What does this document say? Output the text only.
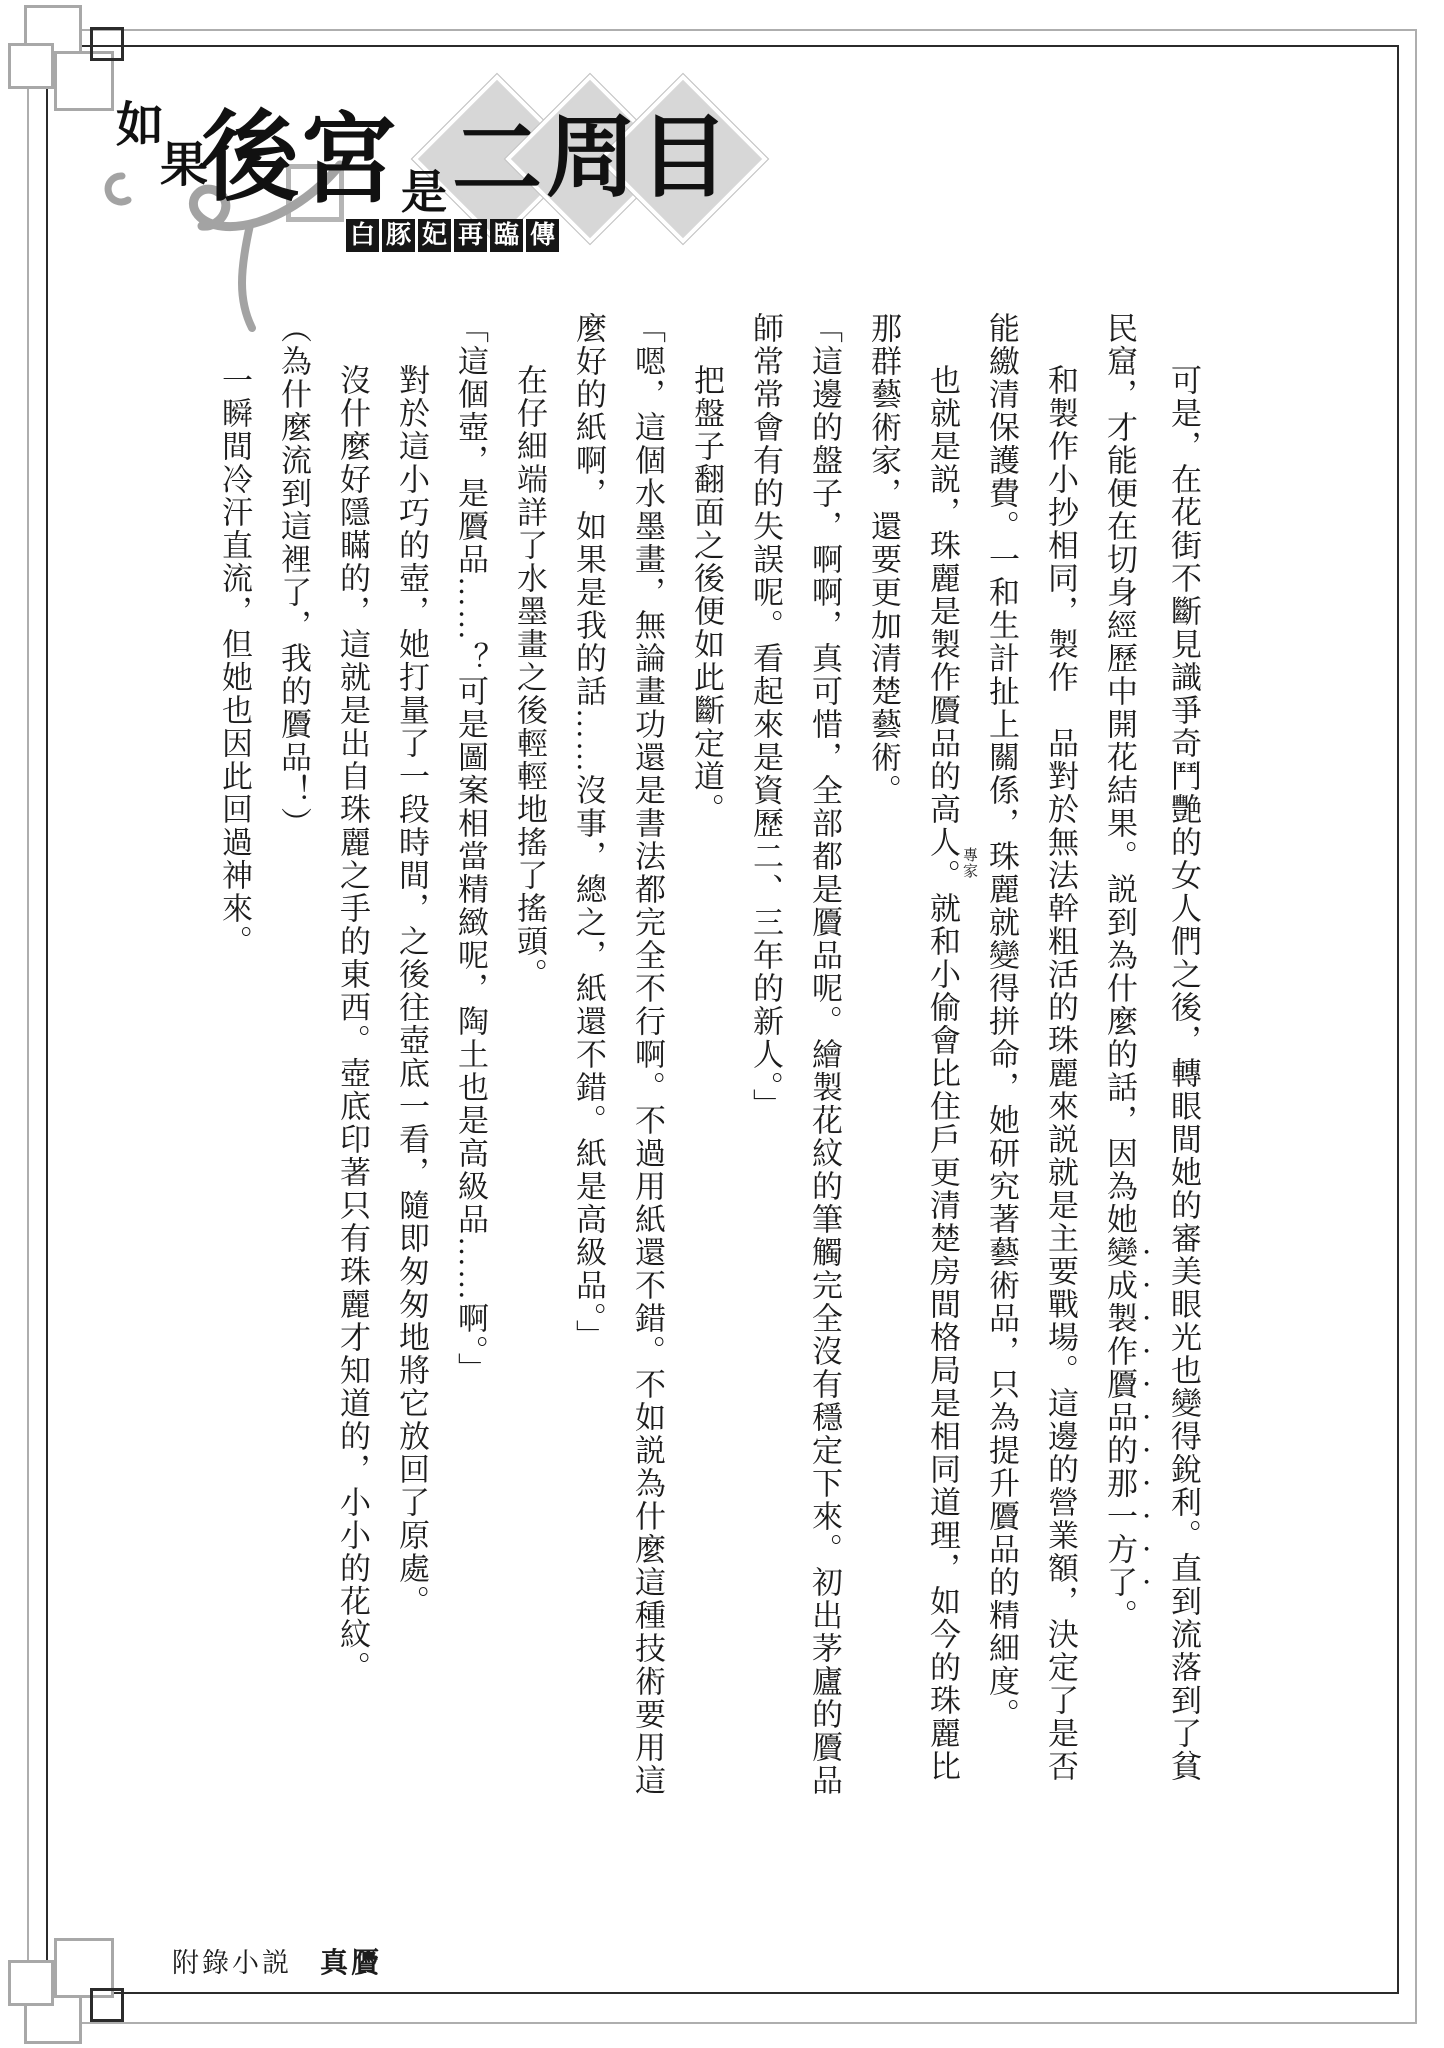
如
果
後 宮 是 二 周 目
白 豚 妃 再 臨 傳

可是，在花街不斷見識爭奇鬥艷的女人們之後，轉眼間她的審美眼光也變得銳利。直到流落到了貧

民窟，才能便在切身經歷中開花結果。説到為什麼的話，因為她變成製作贗品的那一方了。

和製作小抄相同，製作　品對於無法幹粗活的珠麗來説就是主要戰場。這邊的營業額，決定了是否

能繳清保護費。一和生計扯上關係，珠麗就變得拼命，她研究著藝術品，只為提升贗品的精細度。

也就是説，珠麗是製作贗品的高人
專家
。就和小偷會比住戶更清楚房間格局是相同道理，如今的珠麗比

那群藝術家，還要更加清楚藝術。

「這邊的盤子，啊啊，真可惜，全部都是贗品呢。繪製花紋的筆觸完全沒有穩定下來。初出茅廬的贗品

師常常會有的失誤呢。看起來是資歷二、三年的新人。」

把盤子翻面之後便如此斷定道。

「嗯，這個水墨畫，無論畫功還是書法都完全不行啊。不過用紙還不錯。不如説為什麼這種技術要用這

麼好的紙啊，如果是我的話……沒事，總之，紙還不錯。紙是高級品。」

在仔細端詳了水墨畫之後輕輕地搖了搖頭。

「這個壺，是贗品……？可是圖案相當精緻呢，陶土也是高級品……啊。」

對於這小巧的壺，她打量了一段時間，之後往壺底一看，隨即匆匆地將它放回了原處。

沒什麼好隱瞞的，這就是出自珠麗之手的東西。壺底印著只有珠麗才知道的，小小的花紋。

（為什麼流到這裡了，我的贗品！）

一瞬間冷汗直流，但她也因此回過神來。

附錄小説 真贗
